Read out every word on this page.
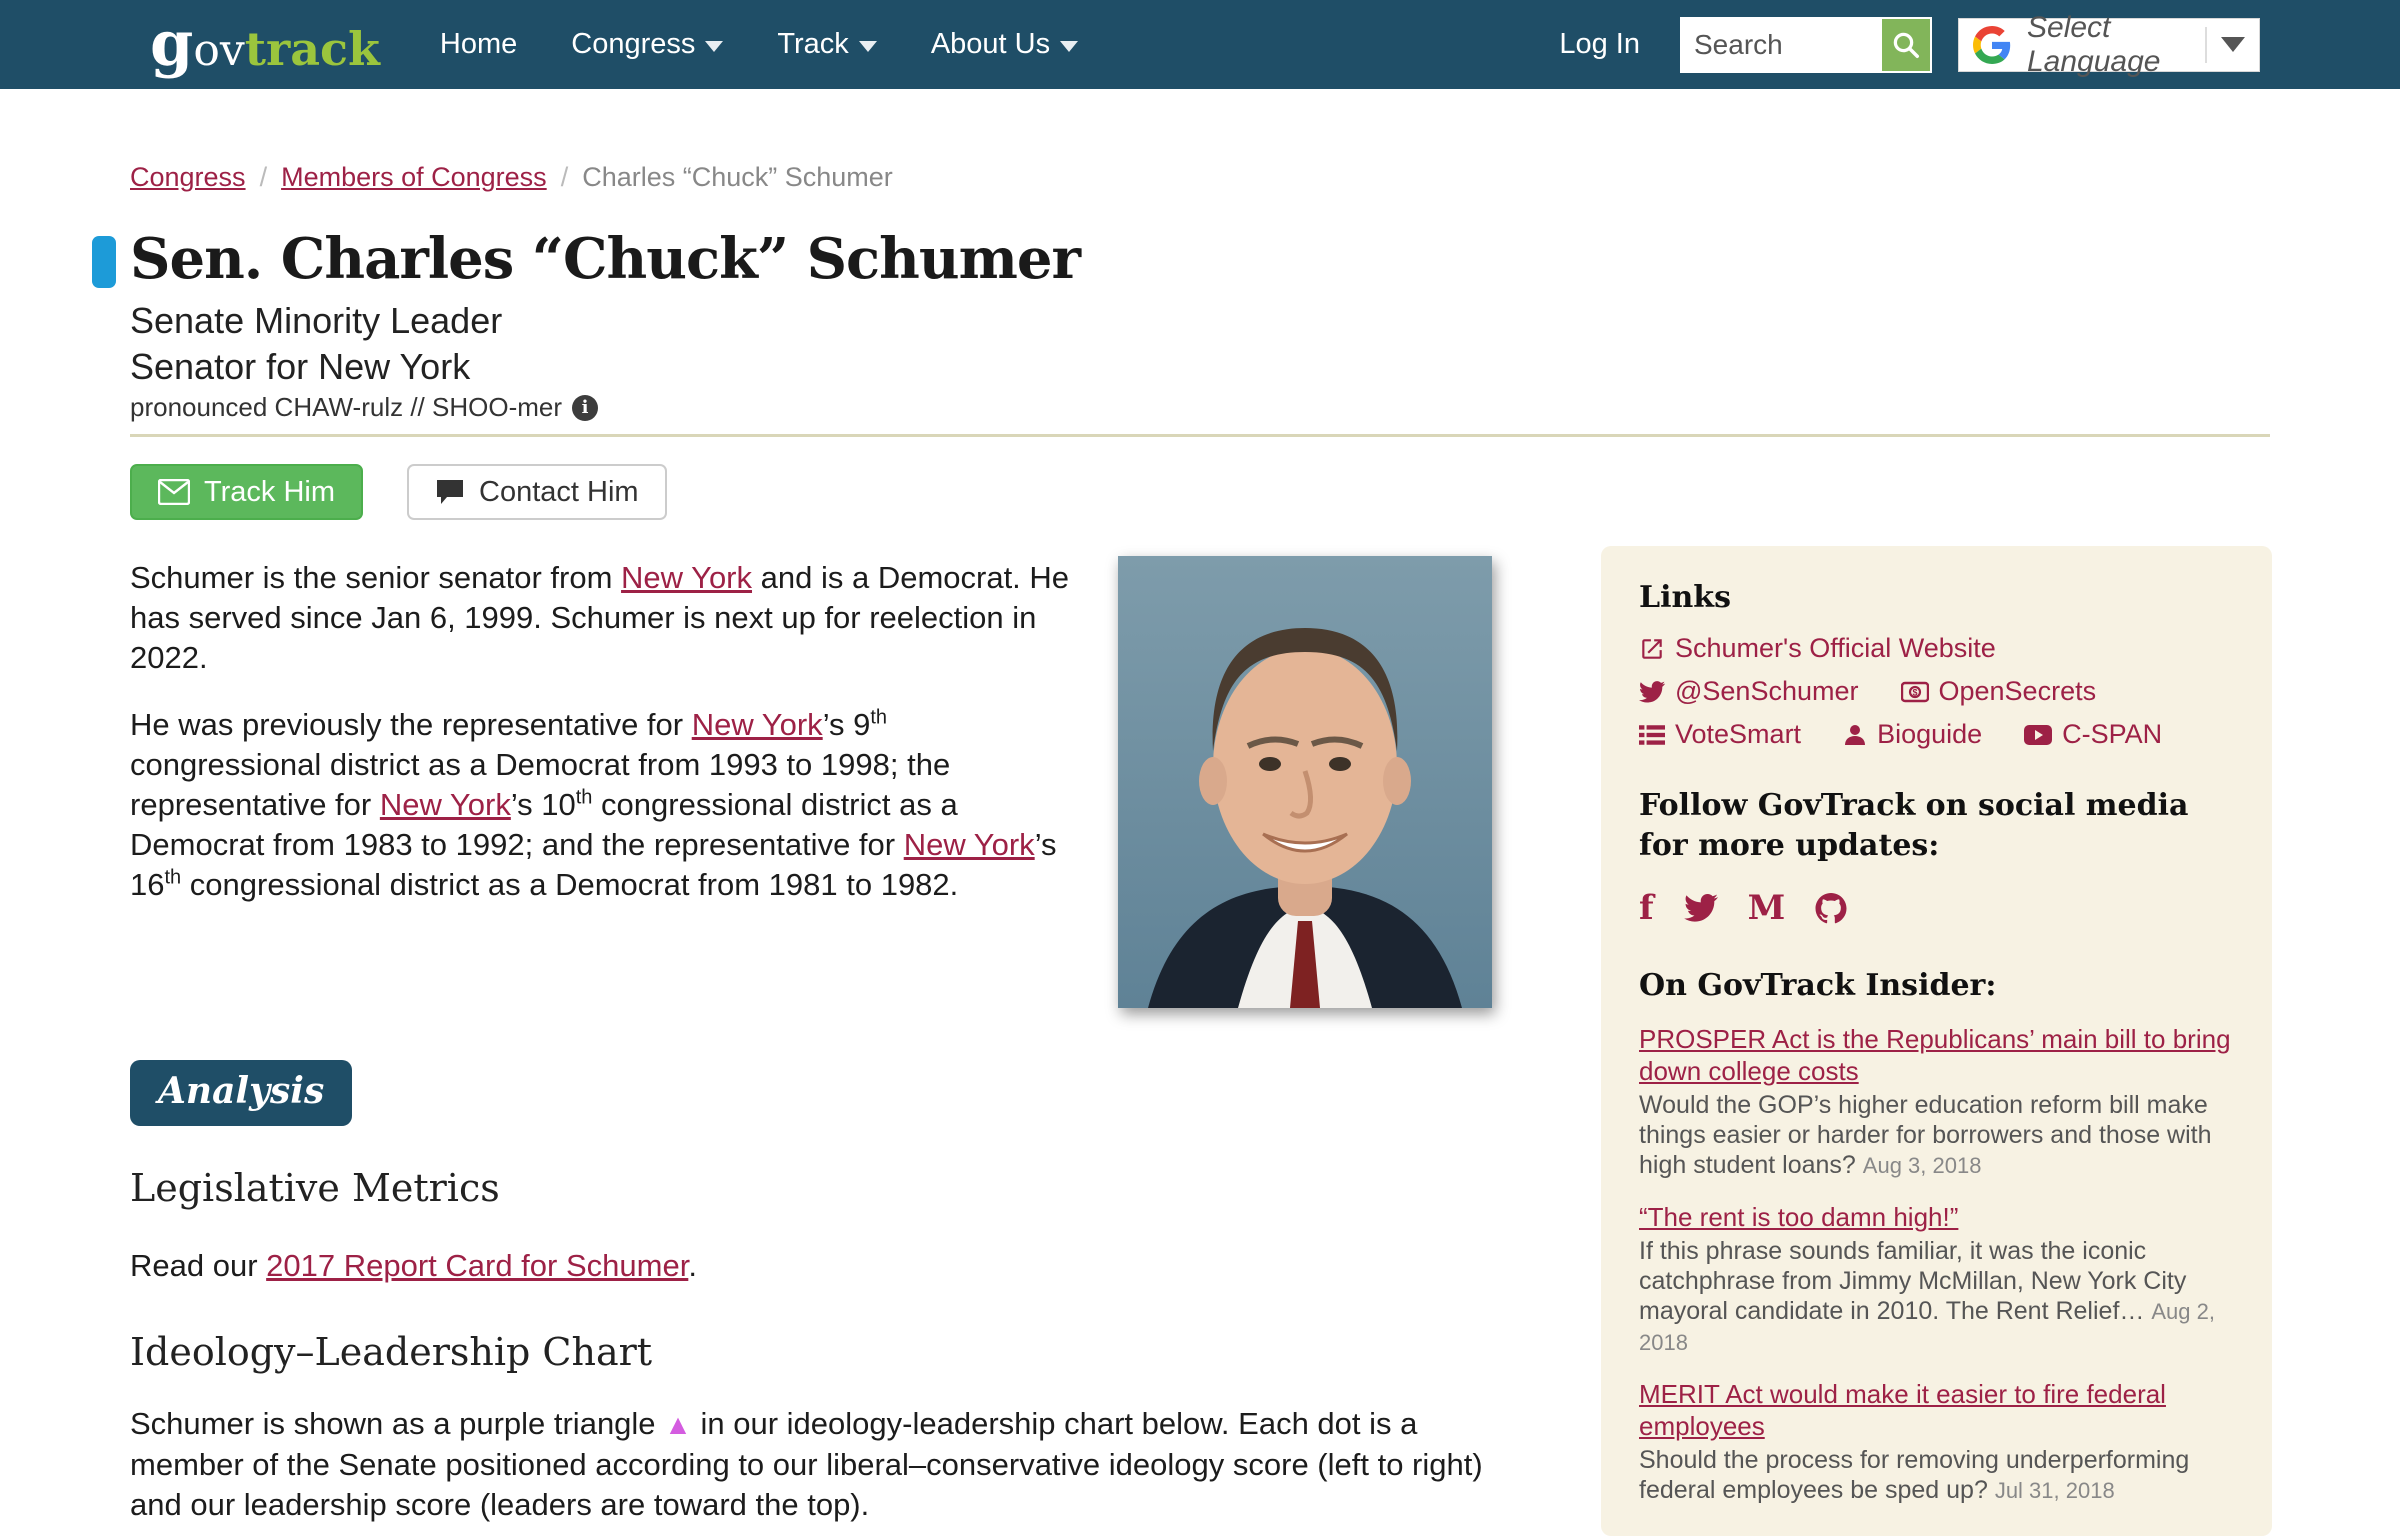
g ov track Home Congress	Track	About Us	Log In
Search
Select Language
Congress / Members of Congress / Charles “Chuck” Schumer
Sen. Charles “Chuck” Schumer
Senate Minority Leader
Senator for New York
pronounced CHAW-rulz // SHOO-mer	i
Track Him	Contact Him

Schumer is the senior senator from New York and is a Democrat. He has served since Jan 6, 1999. Schumer is next up for reelection in 2022.

He was previously the representative for New York’s 9th congressional district as a Democrat from 1993 to 1998; the representative for New York’s 10th congressional district as a Democrat from 1983 to 1992; and the representative for New York’s 16th congressional district as a Democrat from 1981 to 1982.

Links
Schumer's Official Website
@SenSchumer	$ OpenSecrets
VoteSmart	Bioguide	C-SPAN
Follow GovTrack on social media for more updates:
f	M
On GovTrack Insider:
PROSPER Act is the Republicans’ main bill to bring down college costs

Would the GOP’s higher education reform bill make things easier or harder for borrowers and those with high student loans? Aug 3, 2018

“The rent is too damn high!”

If this phrase sounds familiar, it was the iconic catchphrase from Jimmy McMillan, New York City mayoral candidate in 2010. The Rent Relief… Aug 2, 2018

MERIT Act would make it easier to fire federal employees

Should the process for removing underperforming federal employees be sped up? Jul 31, 2018

Analysis
Legislative Metrics
Read our 2017 Report Card for Schumer.
Ideology–Leadership Chart
Schumer is shown as a purple triangle ▲ in our ideology-leadership chart below. Each dot is a member of the Senate positioned according to our liberal–conservative ideology score (left to right) and our leadership score (leaders are toward the top).
